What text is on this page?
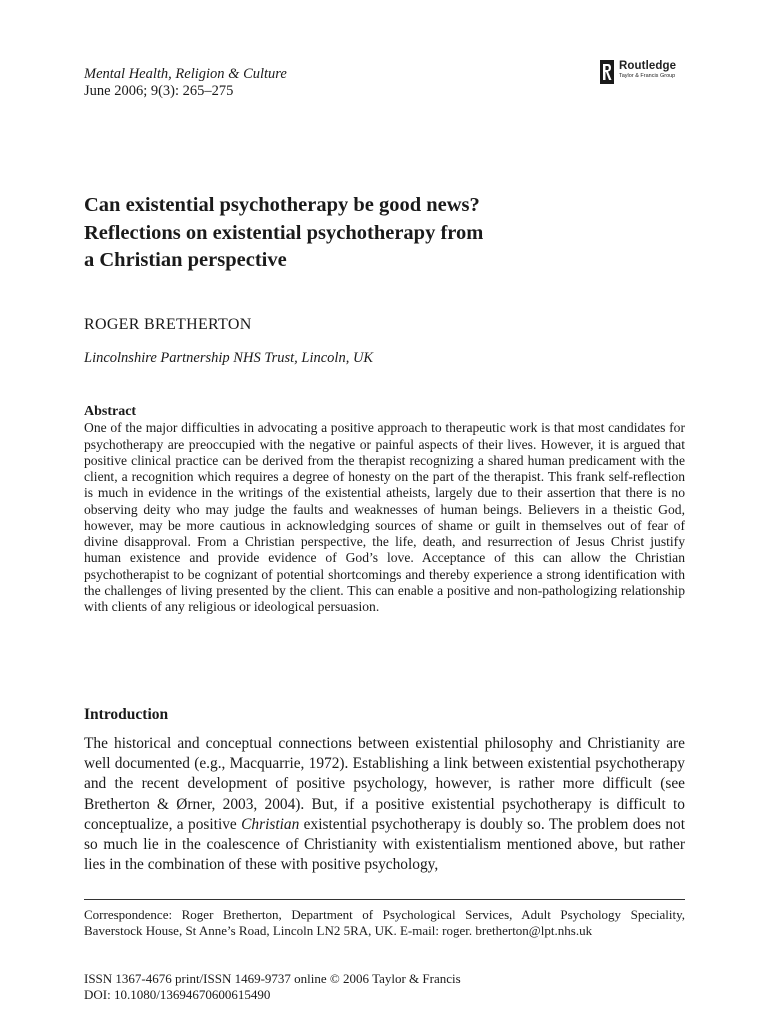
Mental Health, Religion & Culture
June 2006; 9(3): 265–275
Routledge
Taylor & Francis Group
Can existential psychotherapy be good news?
Reflections on existential psychotherapy from
a Christian perspective
ROGER BRETHERTON
Lincolnshire Partnership NHS Trust, Lincoln, UK
Abstract

One of the major difficulties in advocating a positive approach to therapeutic work is that most candidates for psychotherapy are preoccupied with the negative or painful aspects of their lives. However, it is argued that positive clinical practice can be derived from the therapist recognizing a shared human predicament with the client, a recognition which requires a degree of honesty on the part of the therapist. This frank self-reflection is much in evidence in the writings of the existential atheists, largely due to their assertion that there is no observing deity who may judge the faults and weaknesses of human beings. Believers in a theistic God, however, may be more cautious in acknowledging sources of shame or guilt in themselves out of fear of divine disapproval. From a Christian perspective, the life, death, and resurrection of Jesus Christ justify human existence and provide evidence of God’s love. Acceptance of this can allow the Christian psychotherapist to be cognizant of potential shortcomings and thereby experience a strong identification with the challenges of living presented by the client. This can enable a positive and non-pathologizing relationship with clients of any religious or ideological persuasion.

Introduction

The historical and conceptual connections between existential philosophy and Christianity are well documented (e.g., Macquarrie, 1972). Establishing a link between existential psychotherapy and the recent development of positive psychology, however, is rather more difficult (see Bretherton & Ørner, 2003, 2004). But, if a positive existential psychotherapy is difficult to conceptualize, a positive Christian existential psychotherapy is doubly so. The problem does not so much lie in the coalescence of Christianity with existentialism mentioned above, but rather lies in the combination of these with positive psychology,

Correspondence: Roger Bretherton, Department of Psychological Services, Adult Psychology Speciality, Baverstock House, St Anne’s Road, Lincoln LN2 5RA, UK. E-mail: roger. bretherton@lpt.nhs.uk

ISSN 1367-4676 print/ISSN 1469-9737 online © 2006 Taylor & Francis
DOI: 10.1080/13694670600615490
